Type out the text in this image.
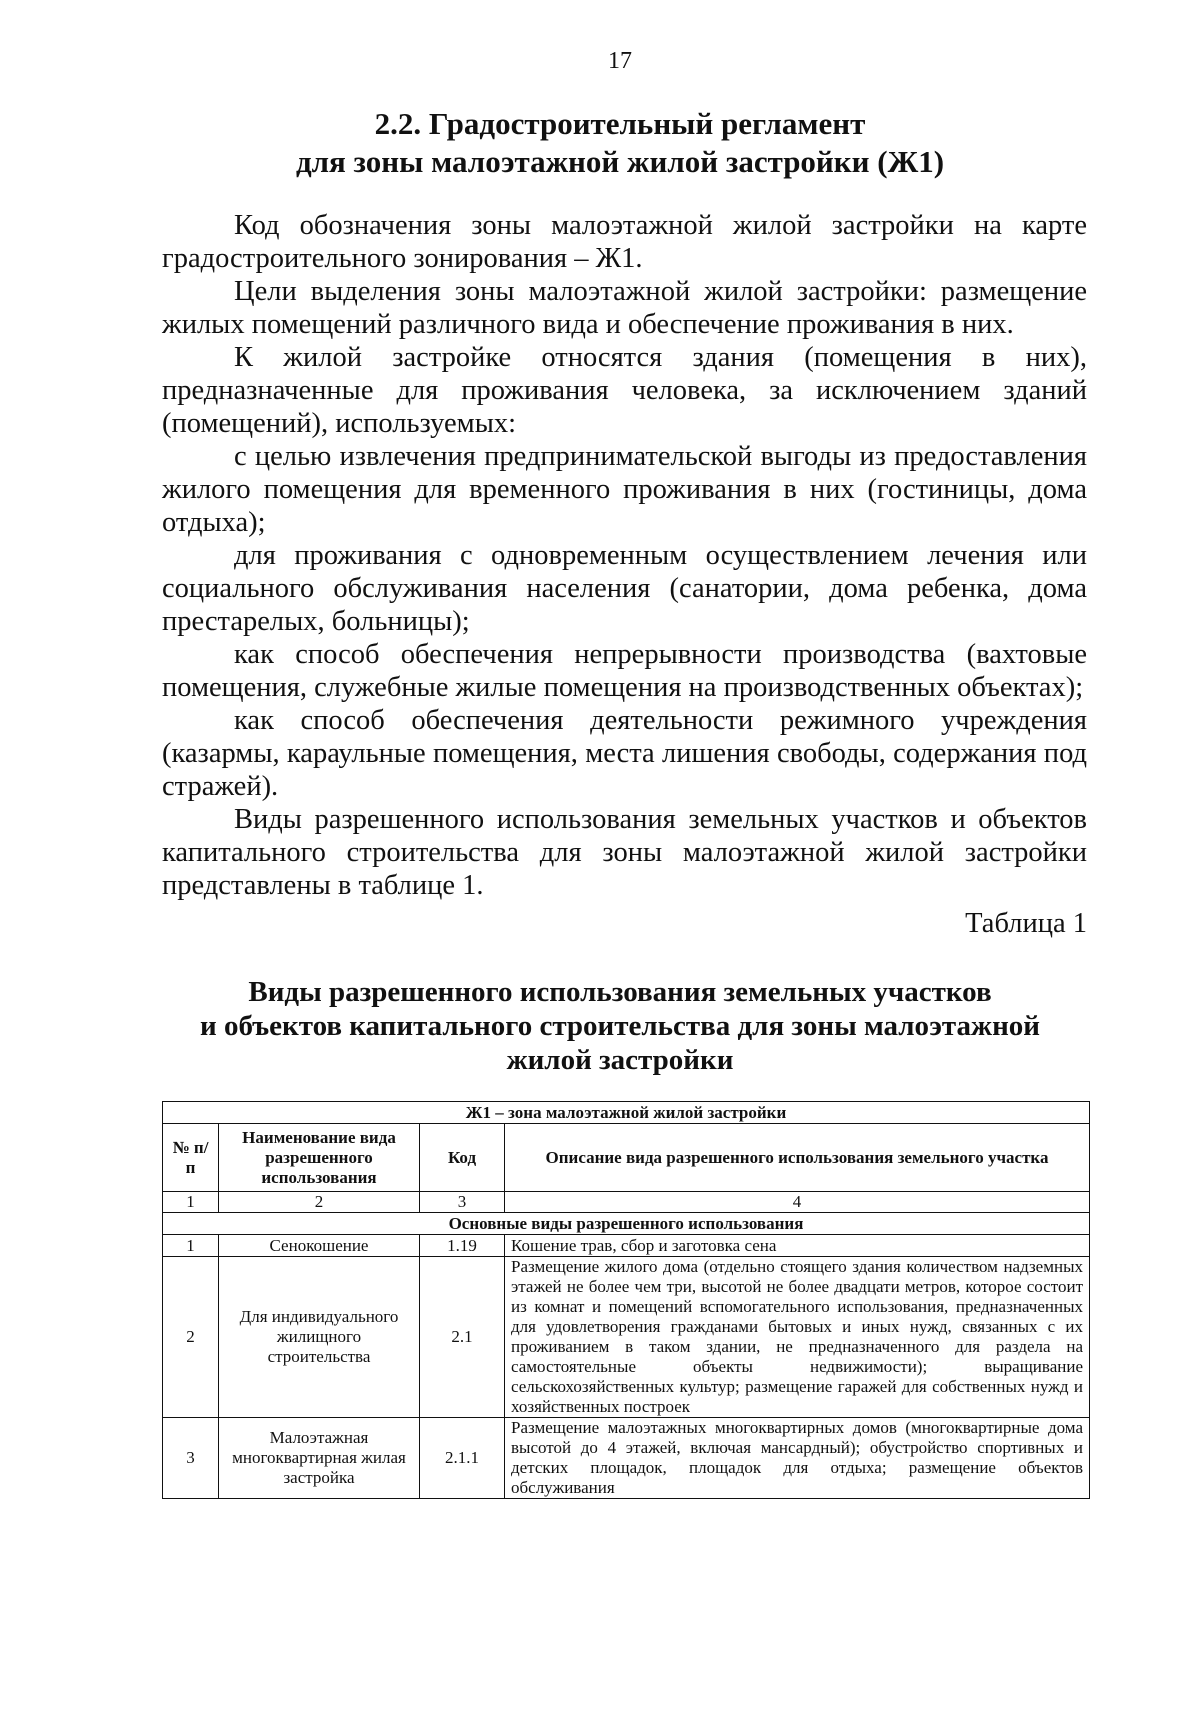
17
2.2. Градостроительный регламент
для зоны малоэтажной жилой застройки (Ж1)

Код обозначения зоны малоэтажной жилой застройки на карте градостроительного зонирования – Ж1.

Цели выделения зоны малоэтажной жилой застройки: размещение жилых помещений различного вида и обеспечение проживания в них.

К жилой застройке относятся здания (помещения в них), предназначенные для проживания человека, за исключением зданий (помещений), используемых:

с целью извлечения предпринимательской выгоды из предоставления жилого помещения для временного проживания в них (гостиницы, дома отдыха);

для проживания с одновременным осуществлением лечения или социального обслуживания населения (санатории, дома ребенка, дома престарелых, больницы);

как способ обеспечения непрерывности производства (вахтовые помещения, служебные жилые помещения на производственных объектах);

как способ обеспечения деятельности режимного учреждения (казармы, караульные помещения, места лишения свободы, содержания под стражей).

Виды разрешенного использования земельных участков и объектов капитального строительства для зоны малоэтажной жилой застройки представлены в таблице 1.

Таблица 1
Виды разрешенного использования земельных участков
и объектов капитального строительства для зоны малоэтажной
жилой застройки
Ж1 – зона малоэтажной жилой застройки			
№ п/п	Наименование вида разрешенного использования	Код	Описание вида разрешенного использования земельного участка
1	2	3	4
Основные виды разрешенного использования			
1	Сенокошение	1.19	Кошение трав, сбор и заготовка сена
2	Для индивидуального жилищного строительства	2.1	Размещение жилого дома (отдельно стоящего здания количеством надземных этажей не более чем три, высотой не более двадцати метров, которое состоит из комнат и помещений вспомогательного использования, предназначенных для удовлетворения гражданами бытовых и иных нужд, связанных с их проживанием в таком здании, не предназначенного для раздела на самостоятельные объекты недвижимости); выращивание сельскохозяйственных культур; размещение гаражей для собственных нужд и хозяйственных построек
3	Малоэтажная многоквартирная жилая застройка	2.1.1	Размещение малоэтажных многоквартирных домов (многоквартирные дома высотой до 4 этажей, включая мансардный); обустройство спортивных и детских площадок, площадок для отдыха; размещение объектов обслуживания
